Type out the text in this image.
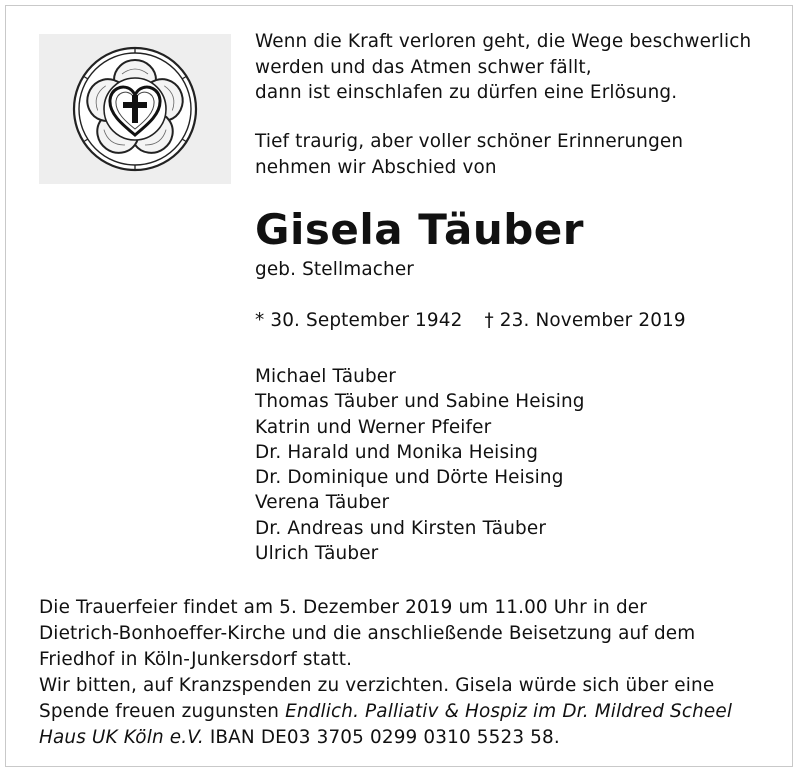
Wenn die Kraft verloren geht, die Wege beschwerlich
werden und das Atmen schwer fällt,
dann ist einschlafen zu dürfen eine Erlösung.
Tief traurig, aber voller schöner Erinnerungen
nehmen wir Abschied von
Gisela Täuber
geb. Stellmacher
* 30. September 1942 † 23. November 2019
Michael Täuber
Thomas Täuber und Sabine Heising
Katrin und Werner Pfeifer
Dr. Harald und Monika Heising
Dr. Dominique und Dörte Heising
Verena Täuber
Dr. Andreas und Kirsten Täuber
Ulrich Täuber
Die Trauerfeier findet am 5. Dezember 2019 um 11.00 Uhr in der
Dietrich-Bonhoeffer-Kirche und die anschließende Beisetzung auf dem
Friedhof in Köln-Junkersdorf statt.
Wir bitten, auf Kranzspenden zu verzichten. Gisela würde sich über eine
Spende freuen zugunsten Endlich. Palliativ & Hospiz im Dr. Mildred Scheel
Haus UK Köln e.V. IBAN DE03 3705 0299 0310 5523 58.
